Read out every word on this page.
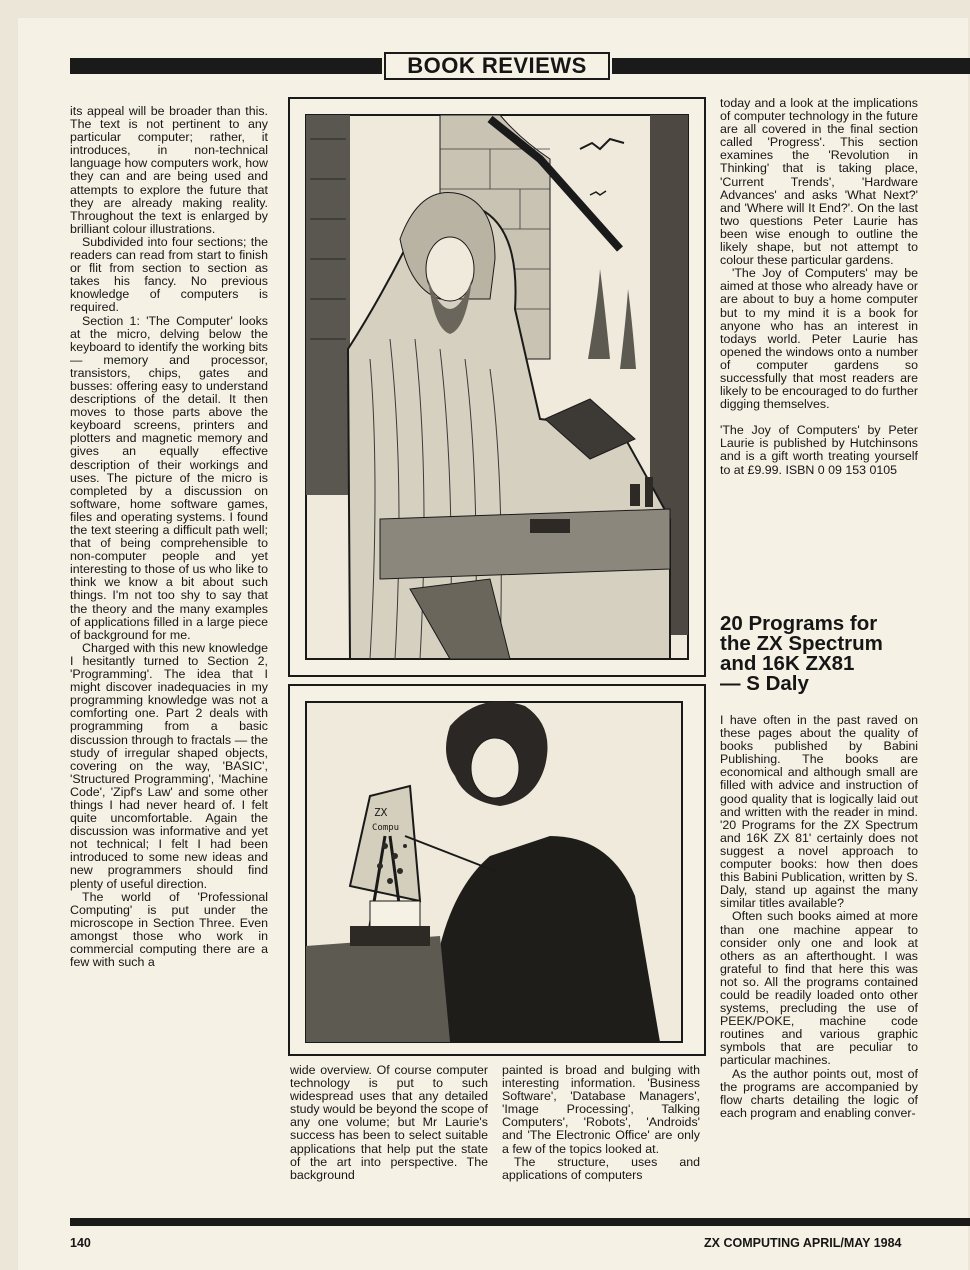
BOOK REVIEWS

its appeal will be broader than this. The text is not pertinent to any particular computer; rather, it introduces, in non-technical language how computers work, how they can and are being used and attempts to explore the future that they are already making reality. Throughout the text is enlarged by brilliant colour illustrations.

Subdivided into four sections; the readers can read from start to finish or flit from section to section as takes his fancy. No previous knowledge of computers is required.

Section 1: 'The Computer' looks at the micro, delving below the keyboard to identify the working bits — memory and processor, transistors, chips, gates and busses: offering easy to understand descriptions of the detail. It then moves to those parts above the keyboard screens, printers and plotters and magnetic memory and gives an equally effective description of their workings and uses. The picture of the micro is completed by a discussion on software, home software games, files and operating systems. I found the text steering a difficult path well; that of being comprehensible to non-computer people and yet interesting to those of us who like to think we know a bit about such things. I'm not too shy to say that the theory and the many examples of applications filled in a large piece of background for me.

Charged with this new knowledge I hesitantly turned to Section 2, 'Programming'. The idea that I might discover inadequacies in my programming knowledge was not a comforting one. Part 2 deals with programming from a basic discussion through to fractals — the study of irregular shaped objects, covering on the way, 'BASIC', 'Structured Programming', 'Machine Code', 'Zipf's Law' and some other things I had never heard of. I felt quite uncomfortable. Again the discussion was informative and yet not technical; I felt I had been introduced to some new ideas and new programmers should find plenty of useful direction.

The world of 'Professional Computing' is put under the microscope in Section Three. Even amongst those who work in commercial computing there are a few with such a

ZX
Compu

wide overview. Of course computer technology is put to such widespread uses that any detailed study would be beyond the scope of any one volume; but Mr Laurie's success has been to select suitable applications that help put the state of the art into perspective. The background

painted is broad and bulging with interesting information. 'Business Software', 'Database Managers', 'Image Processing', Talking Computers', 'Robots', 'Androids' and 'The Electronic Office' are only a few of the topics looked at.

The structure, uses and applications of computers

today and a look at the implications of computer technology in the future are all covered in the final section called 'Progress'. This section examines the 'Revolution in Thinking' that is taking place, 'Current Trends', 'Hardware Advances' and asks 'What Next?' and 'Where will It End?'. On the last two questions Peter Laurie has been wise enough to outline the likely shape, but not attempt to colour these particular gardens.

'The Joy of Computers' may be aimed at those who already have or are about to buy a home computer but to my mind it is a book for anyone who has an interest in todays world. Peter Laurie has opened the windows onto a number of computer gardens so successfully that most readers are likely to be encouraged to do further digging themselves.

'The Joy of Computers' by Peter Laurie is published by Hutchinsons and is a gift worth treating yourself to at £9.99. ISBN 0 09 153 0105

20 Programs for
the ZX Spectrum
and 16K ZX81
— S Daly

I have often in the past raved on these pages about the quality of books published by Babini Publishing. The books are economical and although small are filled with advice and instruction of good quality that is logically laid out and written with the reader in mind. '20 Programs for the ZX Spectrum and 16K ZX 81' certainly does not suggest a novel approach to computer books: how then does this Babini Publication, written by S. Daly, stand up against the many similar titles available?

Often such books aimed at more than one machine appear to consider only one and look at others as an afterthought. I was grateful to find that here this was not so. All the programs contained could be readily loaded onto other systems, precluding the use of PEEK/POKE, machine code routines and various graphic symbols that are peculiar to particular machines.

As the author points out, most of the programs are accompanied by flow charts detailing the logic of each program and enabling conver-

140	ZX COMPUTING APRIL/MAY 1984
